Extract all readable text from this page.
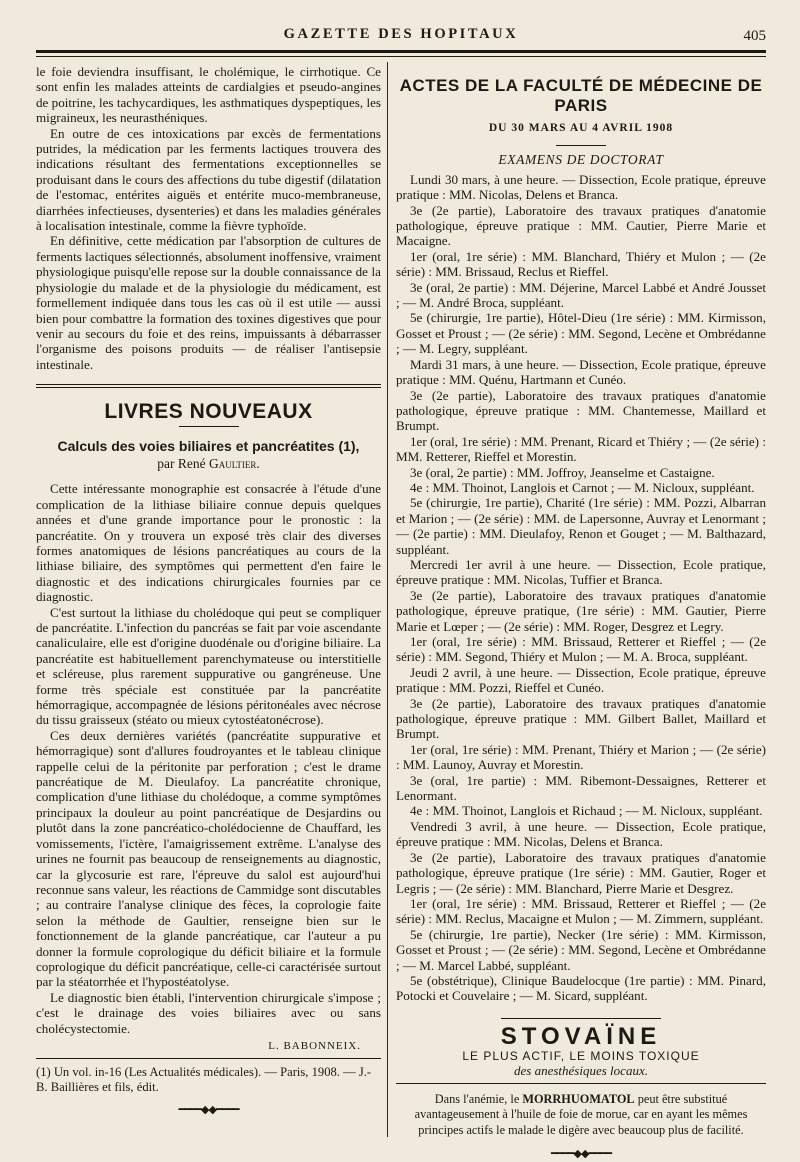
GAZETTE DES HOPITAUX	405

le foie deviendra insuffisant, le cholémique, le cirrhotique. Ce sont enfin les malades atteints de cardialgies et pseudo-angines de poitrine, les tachycardiques, les asthmatiques dyspeptiques, les migraineux, les neurasthéniques.

En outre de ces intoxications par excès de fermentations putrides, la médication par les ferments lactiques trouvera des indications résultant des fermentations exceptionnelles se produisant dans le cours des affections du tube digestif (dilatation de l'estomac, entérites aiguës et entérite muco-membraneuse, diarrhées infectieuses, dysenteries) et dans les maladies générales à localisation intestinale, comme la fièvre typhoïde.

En définitive, cette médication par l'absorption de cultures de ferments lactiques sélectionnés, absolument inoffensive, vraiment physiologique puisqu'elle repose sur la double connaissance de la physiologie du malade et de la physiologie du médicament, est formellement indiquée dans tous les cas où il est utile — aussi bien pour combattre la formation des toxines digestives que pour venir au secours du foie et des reins, impuissants à débarrasser l'organisme des poisons produits — de réaliser l'antisepsie intestinale.

LIVRES NOUVEAUX
Calculs des voies biliaires et pancréatites (1),
par René Gaultier.

Cette intéressante monographie est consacrée à l'étude d'une complication de la lithiase biliaire connue depuis quelques années et d'une grande importance pour le pronostic : la pancréatite. On y trouvera un exposé très clair des diverses formes anatomiques de lésions pancréatiques au cours de la lithiase biliaire, des symptômes qui permettent d'en faire le diagnostic et des indications chirurgicales fournies par ce diagnostic.

C'est surtout la lithiase du cholédoque qui peut se compliquer de pancréatite. L'infection du pancréas se fait par voie ascendante canaliculaire, elle est d'origine duodénale ou d'origine biliaire. La pancréatite est habituellement parenchymateuse ou interstitielle et scléreuse, plus rarement suppurative ou gangréneuse. Une forme très spéciale est constituée par la pancréatite hémorragique, accompagnée de lésions péritonéales avec nécrose du tissu graisseux (stéato ou mieux cytostéatonécrose).

Ces deux dernières variétés (pancréatite suppurative et hémorragique) sont d'allures foudroyantes et le tableau clinique rappelle celui de la péritonite par perforation ; c'est le drame pancréatique de M. Dieulafoy. La pancréatite chronique, complication d'une lithiase du cholédoque, a comme symptômes principaux la douleur au point pancréatique de Desjardins ou plutôt dans la zone pancréatico-cholédocienne de Chauffard, les vomissements, l'ictère, l'amaigrissement extrême. L'analyse des urines ne fournit pas beaucoup de renseignements au diagnostic, car la glycosurie est rare, l'épreuve du salol est aujourd'hui reconnue sans valeur, les réactions de Cammidge sont discutables ; au contraire l'analyse clinique des fèces, la coprologie faite selon la méthode de Gaultier, renseigne bien sur le fonctionnement de la glande pancréatique, car l'auteur a pu donner la formule coprologique du déficit biliaire et la formule coprologique du déficit pancréatique, celle-ci caractérisée surtout par la stéatorrhée et l'hypostéatolyse.

Le diagnostic bien établi, l'intervention chirurgicale s'impose ; c'est le drainage des voies biliaires avec ou sans cholécystectomie.

L. BABONNEIX.
(1) Un vol. in-16 (Les Actualités médicales). — Paris, 1908. — J.-B. Baillières et fils, édit.
━━━━◆◆━━━━
ACTES DE LA FACULTÉ DE MÉDECINE DE PARIS
DU 30 MARS AU 4 AVRIL 1908
EXAMENS DE DOCTORAT

Lundi 30 mars, à une heure. — Dissection, Ecole pratique, épreuve pratique : MM. Nicolas, Delens et Branca.

3e (2e partie), Laboratoire des travaux pratiques d'anatomie pathologique, épreuve pratique : MM. Cautier, Pierre Marie et Macaigne.

1er (oral, 1re série) : MM. Blanchard, Thiéry et Mulon ; — (2e série) : MM. Brissaud, Reclus et Rieffel.

3e (oral, 2e partie) : MM. Déjerine, Marcel Labbé et André Jousset ; — M. André Broca, suppléant.

5e (chirurgie, 1re partie), Hôtel-Dieu (1re série) : MM. Kirmisson, Gosset et Proust ; — (2e série) : MM. Segond, Lecène et Ombrédanne ; — M. Legry, suppléant.

Mardi 31 mars, à une heure. — Dissection, Ecole pratique, épreuve pratique : MM. Quénu, Hartmann et Cunéo.

3e (2e partie), Laboratoire des travaux pratiques d'anatomie pathologique, épreuve pratique : MM. Chantemesse, Maillard et Brumpt.

1er (oral, 1re série) : MM. Prenant, Ricard et Thiéry ; — (2e série) : MM. Retterer, Rieffel et Morestin.

3e (oral, 2e partie) : MM. Joffroy, Jeanselme et Castaigne.

4e : MM. Thoinot, Langlois et Carnot ; — M. Nicloux, suppléant.

5e (chirurgie, 1re partie), Charité (1re série) : MM. Pozzi, Albarran et Marion ; — (2e série) : MM. de Lapersonne, Auvray et Lenormant ; — (2e partie) : MM. Dieulafoy, Renon et Gouget ; — M. Balthazard, suppléant.

Mercredi 1er avril à une heure. — Dissection, Ecole pratique, épreuve pratique : MM. Nicolas, Tuffier et Branca.

3e (2e partie), Laboratoire des travaux pratiques d'anatomie pathologique, épreuve pratique, (1re série) : MM. Gautier, Pierre Marie et Lœper ; — (2e série) : MM. Roger, Desgrez et Legry.

1er (oral, 1re série) : MM. Brissaud, Retterer et Rieffel ; — (2e série) : MM. Segond, Thiéry et Mulon ; — M. A. Broca, suppléant.

Jeudi 2 avril, à une heure. — Dissection, Ecole pratique, épreuve pratique : MM. Pozzi, Rieffel et Cunéo.

3e (2e partie), Laboratoire des travaux pratiques d'anatomie pathologique, épreuve pratique : MM. Gilbert Ballet, Maillard et Brumpt.

1er (oral, 1re série) : MM. Prenant, Thiéry et Marion ; — (2e série) : MM. Launoy, Auvray et Morestin.

3e (oral, 1re partie) : MM. Ribemont-Dessaignes, Retterer et Lenormant.

4e : MM. Thoinot, Langlois et Richaud ; — M. Nicloux, suppléant.

Vendredi 3 avril, à une heure. — Dissection, Ecole pratique, épreuve pratique : MM. Nicolas, Delens et Branca.

3e (2e partie), Laboratoire des travaux pratiques d'anatomie pathologique, épreuve pratique (1re série) : MM. Gautier, Roger et Legris ; — (2e série) : MM. Blanchard, Pierre Marie et Desgrez.

1er (oral, 1re série) : MM. Brissaud, Retterer et Rieffel ; — (2e série) : MM. Reclus, Macaigne et Mulon ; — M. Zimmern, suppléant.

5e (chirurgie, 1re partie), Necker (1re série) : MM. Kirmisson, Gosset et Proust ; — (2e série) : MM. Segond, Lecène et Ombrédanne ; — M. Marcel Labbé, suppléant.

5e (obstétrique), Clinique Baudelocque (1re partie) : MM. Pinard, Potocki et Couvelaire ; — M. Sicard, suppléant.

STOVAÏNE
LE PLUS ACTIF, LE MOINS TOXIQUE
des anesthésiques locaux.
Dans l'anémie, le MORRHUOMATOL peut être substitué avantageusement à l'huile de foie de morue, car en ayant les mêmes principes actifs le malade le digère avec beaucoup plus de facilité.
━━━━◆◆━━━━
